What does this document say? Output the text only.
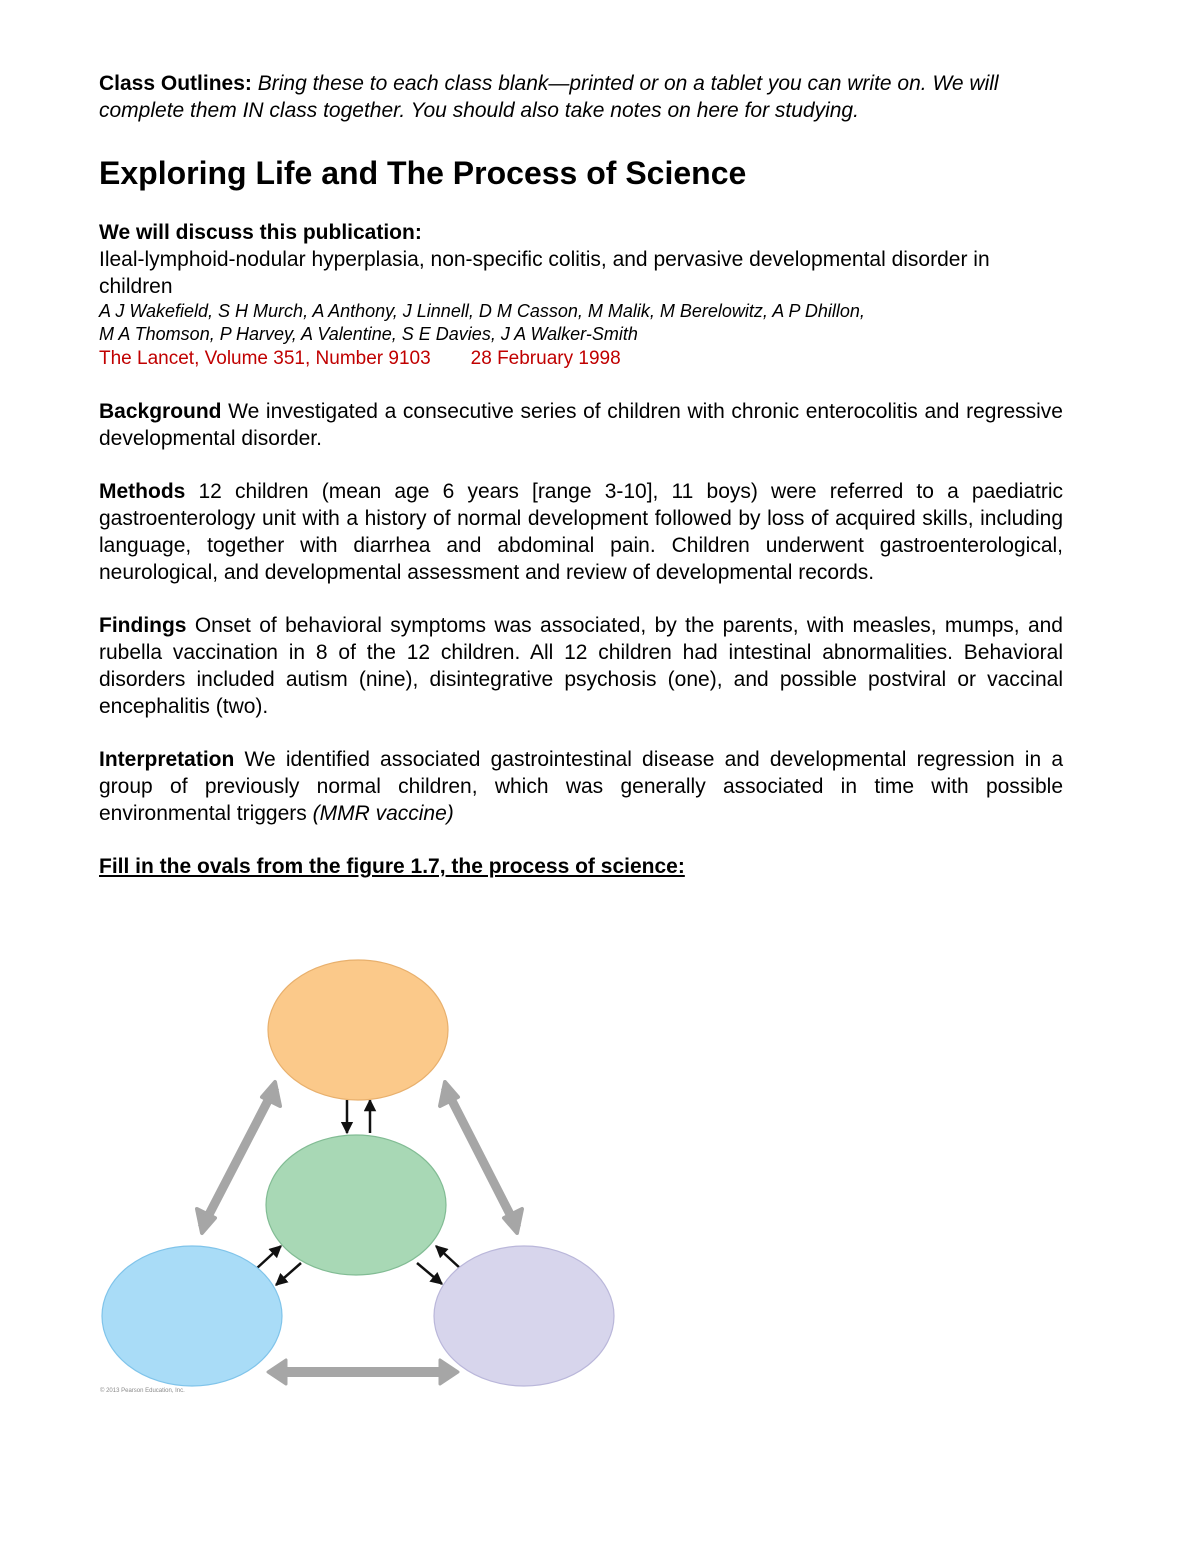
Class Outlines: Bring these to each class blank—printed or on a tablet you can write on. We will complete them IN class together. You should also take notes on here for studying.

Exploring Life and The Process of Science

We will discuss this publication:

Ileal-lymphoid-nodular hyperplasia, non-specific colitis, and pervasive developmental disorder in children

A J Wakefield, S H Murch, A Anthony, J Linnell, D M Casson, M Malik, M Berelowitz, A P Dhillon,

M A Thomson, P Harvey, A Valentine, S E Davies, J A Walker-Smith

The Lancet, Volume 351, Number 9103 28 February 1998

Background We investigated a consecutive series of children with chronic enterocolitis and regressive developmental disorder.

Methods 12 children (mean age 6 years [range 3-10], 11 boys) were referred to a paediatric gastroenterology unit with a history of normal development followed by loss of acquired skills, including language, together with diarrhea and abdominal pain. Children underwent gastroenterological, neurological, and developmental assessment and review of developmental records.

Findings Onset of behavioral symptoms was associated, by the parents, with measles, mumps, and rubella vaccination in 8 of the 12 children. All 12 children had intestinal abnormalities. Behavioral disorders included autism (nine), disintegrative psychosis (one), and possible postviral or vaccinal encephalitis (two).

Interpretation We identified associated gastrointestinal disease and developmental regression in a group of previously normal children, which was generally associated in time with possible environmental triggers (MMR vaccine)

Fill in the ovals from the figure 1.7, the process of science:

© 2013 Pearson Education, Inc.
